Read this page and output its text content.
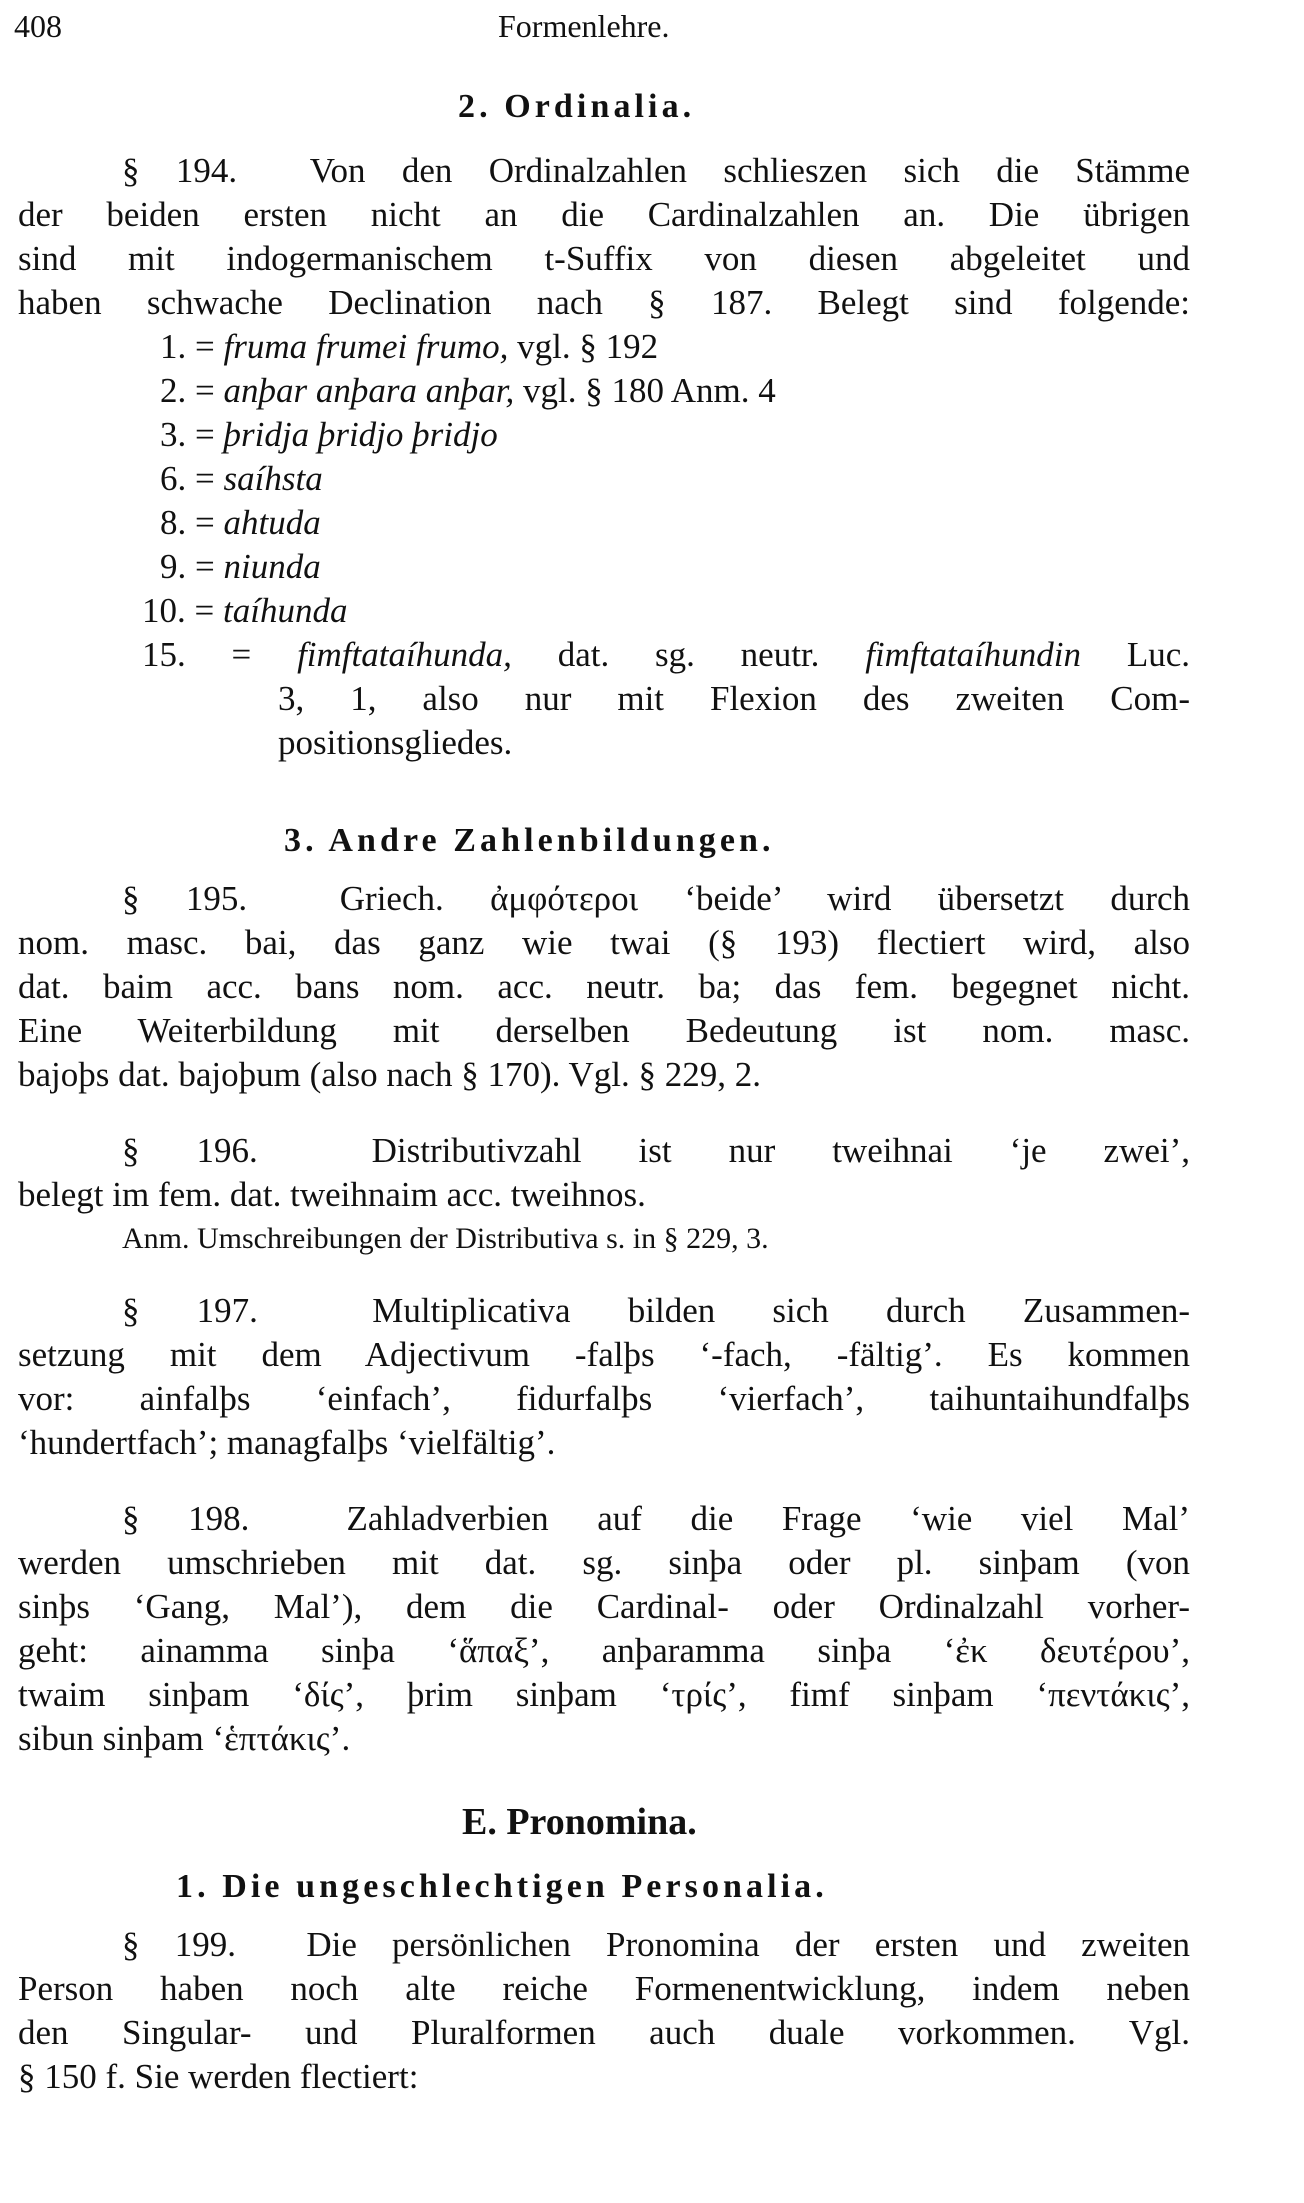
408	Formenlehre.
2. Ordinalia.
§ 194. Von den Ordinalzahlen schlieszen sich die Stämme
der beiden ersten nicht an die Cardinalzahlen an. Die übrigen
sind mit indogermanischem t-Suffix von diesen abgeleitet und
haben schwache Declination nach § 187. Belegt sind folgende:
1. = fruma frumei frumo, vgl. § 192
2. = anþar anþara anþar, vgl. § 180 Anm. 4
3. = þridja þridjo þridjo
6. = saíhsta
8. = ahtuda
9. = niunda
10. = taíhunda
15. = fimftataíhunda, dat. sg. neutr. fimftataíhundin Luc.
3, 1, also nur mit Flexion des zweiten Com-
positionsgliedes.
3. Andre Zahlenbildungen.
§ 195.	Griech. ἀμφότεροι ‘beide’ wird übersetzt durch
nom. masc. bai, das ganz wie twai (§ 193) flectiert wird, also
dat. baim acc. bans nom. acc. neutr. ba; das fem. begegnet nicht.
Eine Weiterbildung mit derselben Bedeutung ist nom. masc.
bajoþs dat. bajoþum (also nach § 170). Vgl. § 229, 2.
§ 196.	Distributivzahl ist nur tweihnai ‘je zwei’,
belegt im fem. dat. tweihnaim acc. tweihnos.
Anm. Umschreibungen der Distributiva s. in § 229, 3.
§ 197.	Multiplicativa bilden sich durch Zusammen-
setzung mit dem Adjectivum -falþs ‘-fach, -fältig’. Es kommen
vor: ainfalþs ‘einfach’, fidurfalþs ‘vierfach’, taihuntaihundfalþs
‘hundertfach’; managfalþs ‘vielfältig’.
§ 198.	Zahladverbien auf die Frage ‘wie viel Mal’
werden umschrieben mit dat. sg. sinþa oder pl. sinþam (von
sinþs ‘Gang, Mal’), dem die Cardinal- oder Ordinalzahl vorher-
geht: ainamma sinþa ‘ἅπαξ’, anþaramma sinþa ‘ἐκ δευτέρου’,
twaim sinþam ‘δίς’, þrim sinþam ‘τρίς’, fimf sinþam ‘πεντάκις’,
sibun sinþam ‘ἑπτάκις’.
E. Pronomina.
1. Die ungeschlechtigen Personalia.
§ 199. Die persönlichen Pronomina der ersten und zweiten
Person haben noch alte reiche Formenentwicklung, indem neben
den Singular- und Pluralformen auch duale vorkommen. Vgl.
§ 150 f. Sie werden flectiert:
